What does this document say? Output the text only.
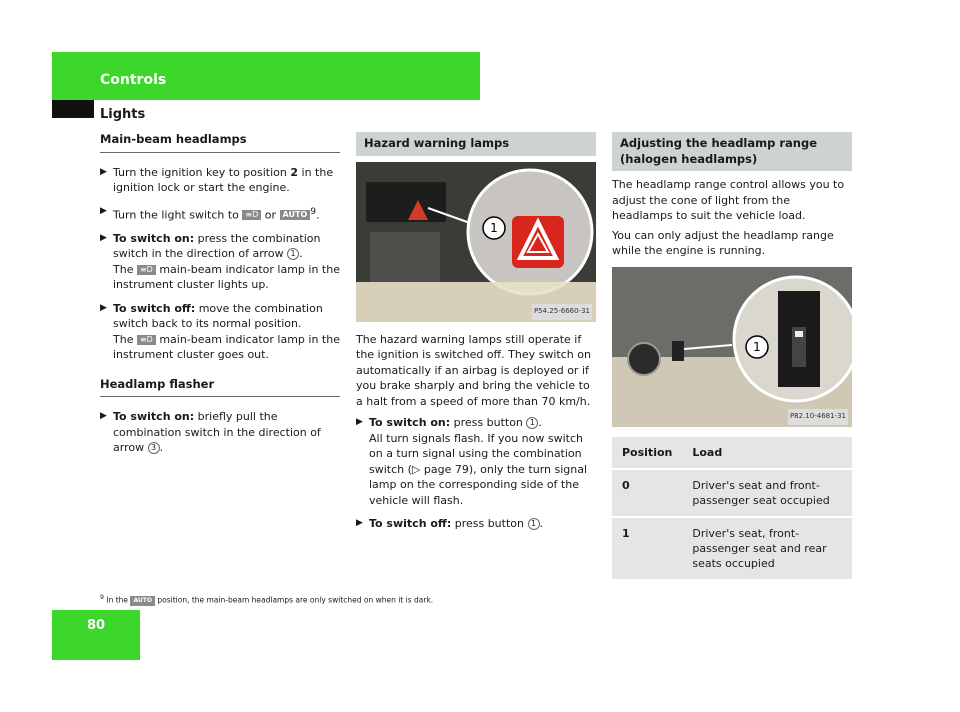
Controls
Lights
Main-beam headlamps
▶ Turn the ignition key to position 2 in the ignition lock or start the engine.
▶ Turn the light switch to ≡D or AUTO $^9$.
▶ To switch on: press the combination switch in the direction of arrow 1 .
The ≡D main-beam indicator lamp in the instrument cluster lights up.
▶ To switch off: move the combination switch back to its normal position.
The ≡D main-beam indicator lamp in the instrument cluster goes out.
Headlamp flasher
▶ To switch on: briefly pull the combination switch in the direction of arrow 3 .
Hazard warning lamps
1
P54.25-6660-31

The hazard warning lamps still operate if the ignition is switched off. They switch on automatically if an airbag is deployed or if you brake sharply and bring the vehicle to a halt from a speed of more than 70 km/h.

▶ To switch on: press button 1 .
All turn signals flash. If you now switch on a turn signal using the combination switch (▷ page 79), only the turn signal lamp on the corresponding side of the vehicle will flash.
▶ To switch off: press button 1 .
Adjusting the headlamp range (halogen headlamps)

The headlamp range control allows you to adjust the cone of light from the headlamps to suit the vehicle load.

You can only adjust the headlamp range while the engine is running.

1
P82.10-4681-31
Position	Load
0	Driver's seat and front-passenger seat occupied
1	Driver's seat, front-passenger seat and rear seats occupied
$^9$ In the AUTO position, the main-beam headlamps are only switched on when it is dark.
80
